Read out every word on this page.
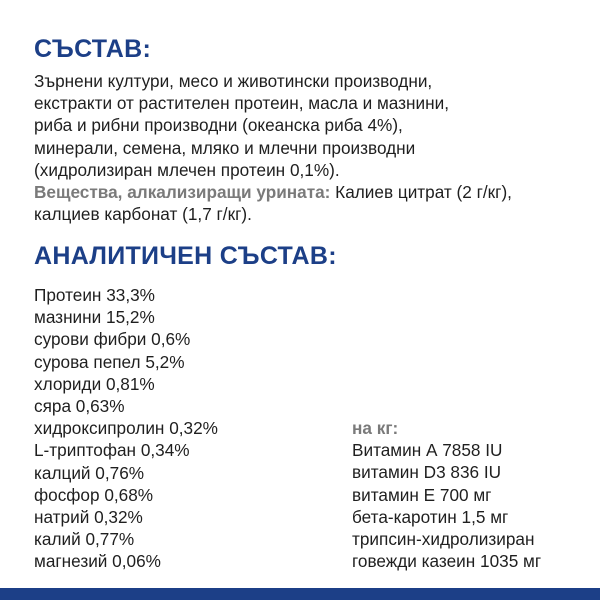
СЪСТАВ:
Зърнени култури, месо и животински производни,
екстракти от растителен протеин, масла и мазнини,
риба и рибни производни (океанска риба 4%),
минерали, семена, мляко и млечни производни
(хидролизиран млечен протеин 0,1%).
Вещества, алкализиращи урината: Калиев цитрат (2 г/кг),
калциев карбонат (1,7 г/кг).
АНАЛИТИЧЕН СЪСТАВ:
Протеин 33,3%
мазнини 15,2%
сурови фибри 0,6%
сурова пепел 5,2%
хлориди 0,81%
сяра 0,63%
хидроксипролин 0,32%
L-триптофан 0,34%
калций 0,76%
фосфор 0,68%
натрий 0,32%
калий 0,77%
магнезий 0,06%
на кг:
Витамин А 7858 IU
витамин D3 836 IU
витамин Е 700 мг
бета-каротин 1,5 мг
трипсин-хидролизиран
говежди казеин 1035 мг
